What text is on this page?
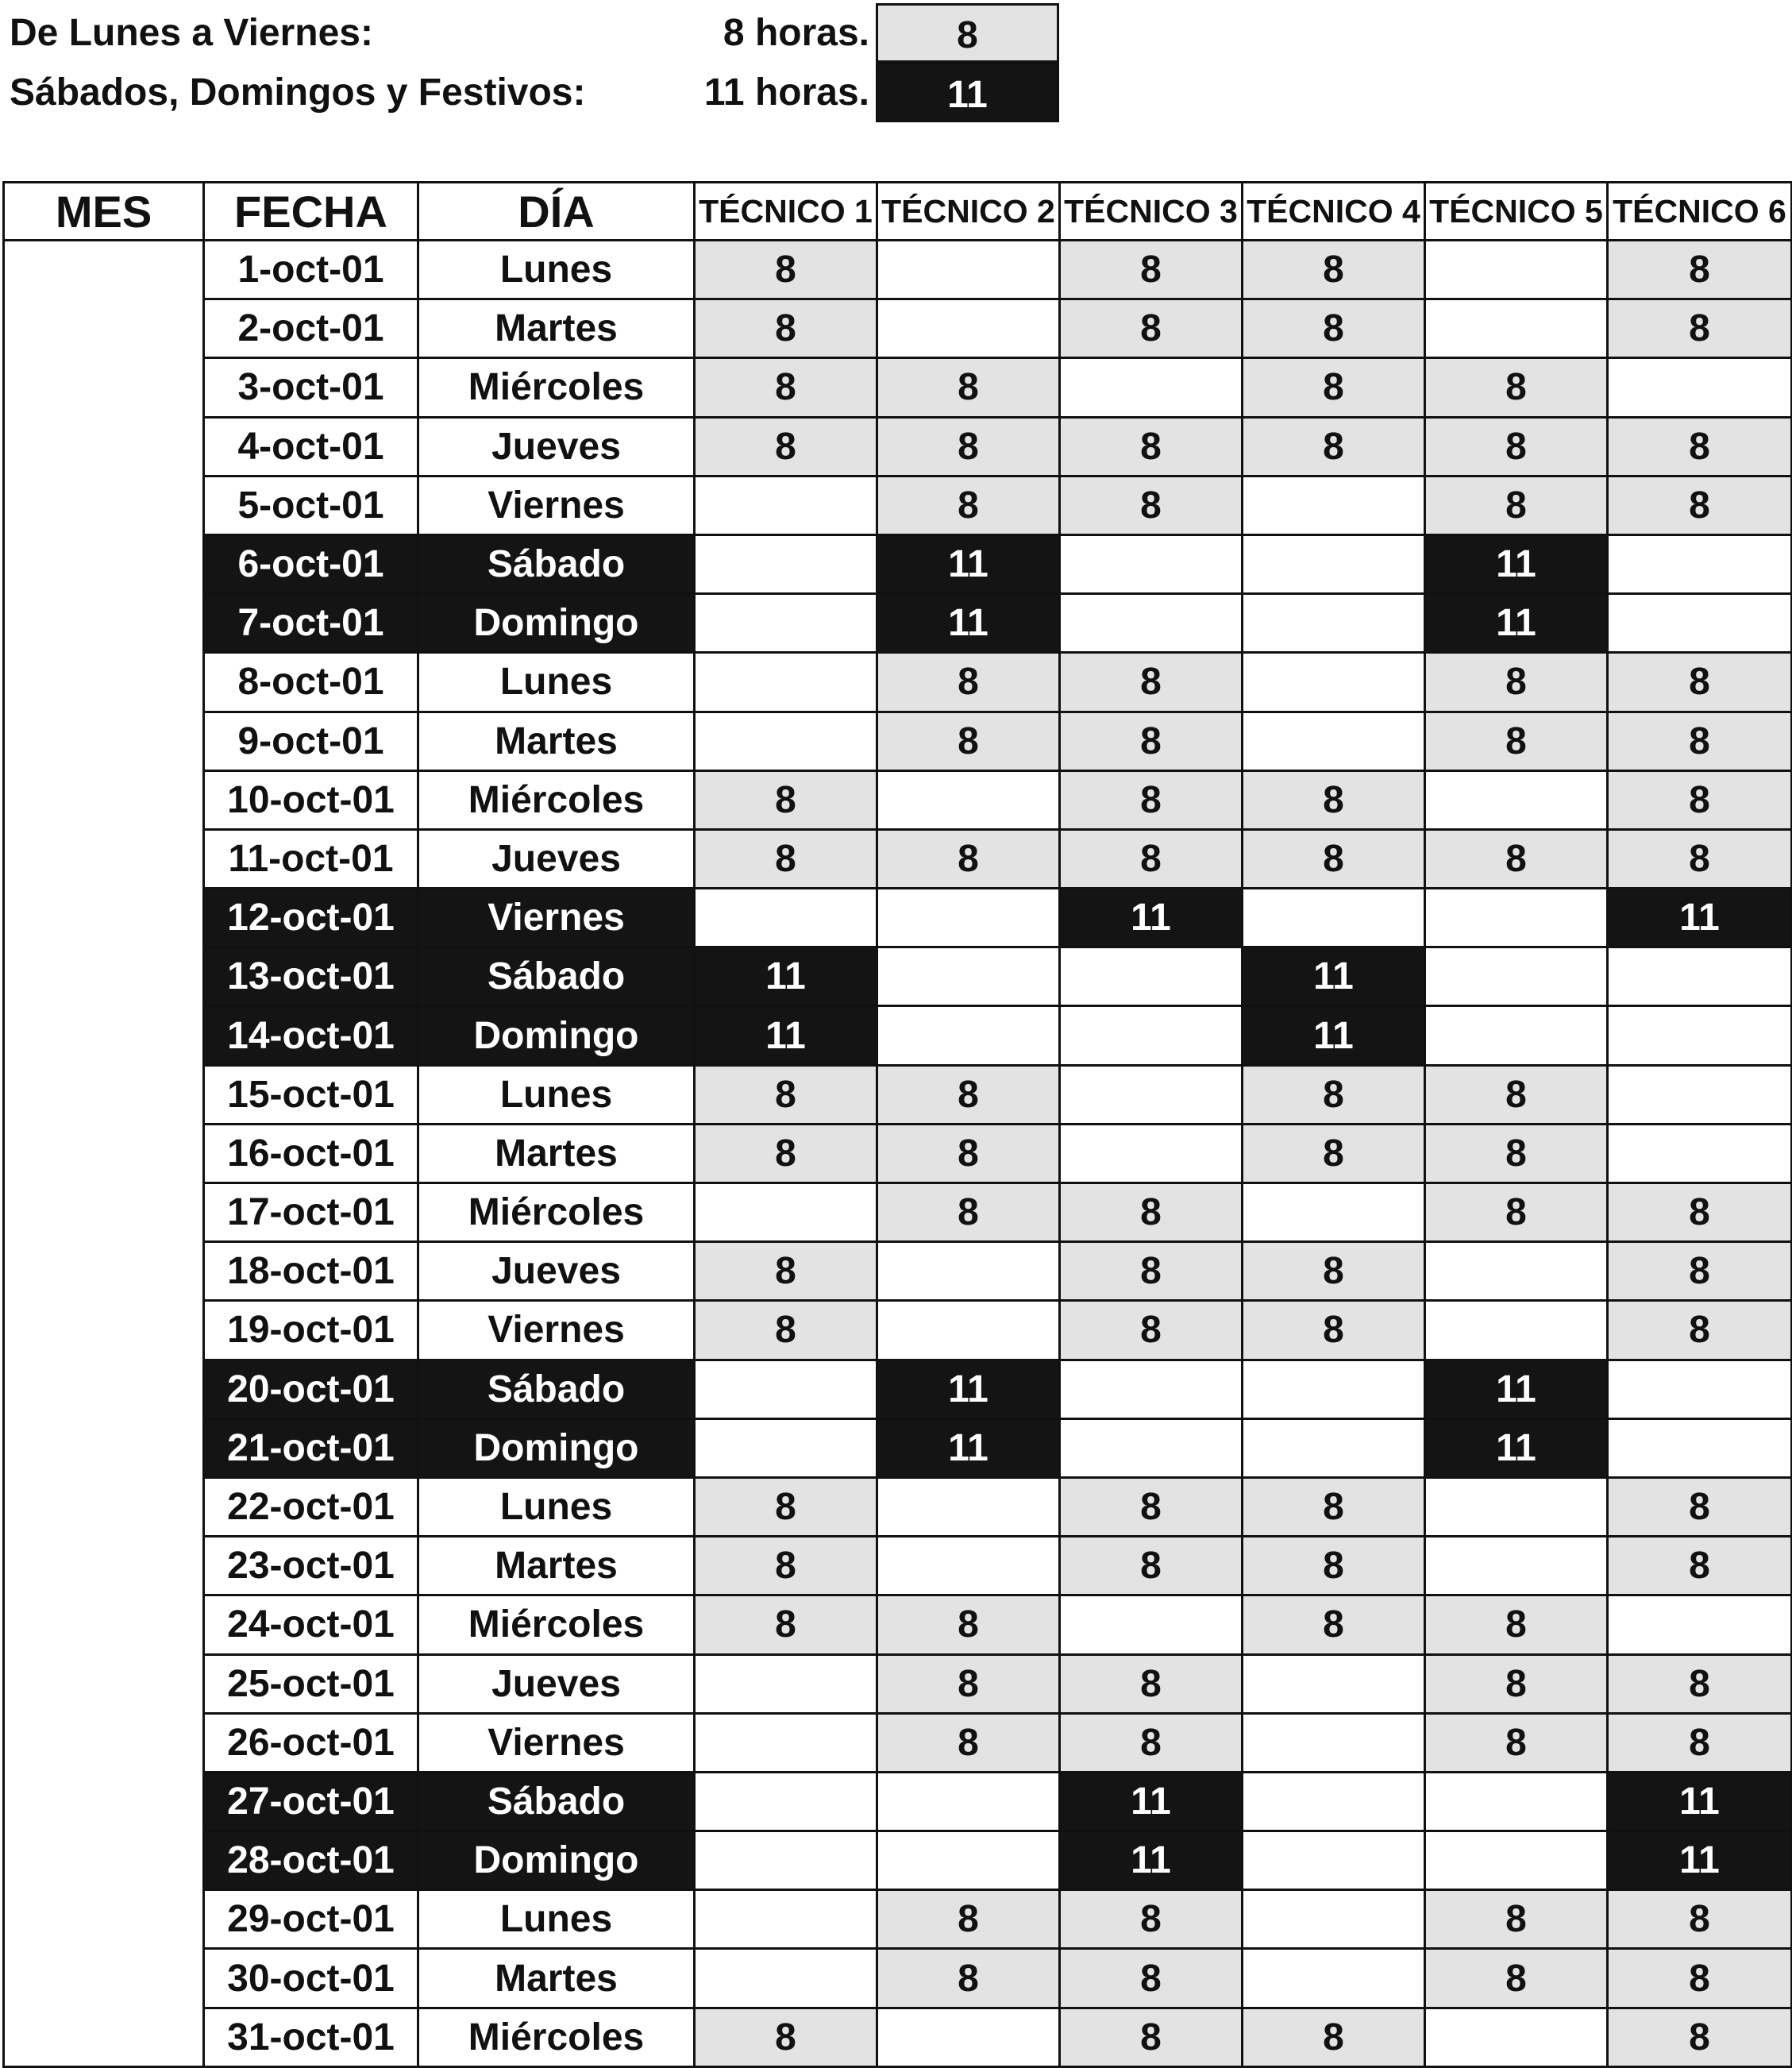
De Lunes a Viernes:	8 horas.	8
Sábados, Domingos y Festivos:	11 horas.	11
MES	FECHA	DÍA	TÉCNICO 1	TÉCNICO 2	TÉCNICO 3	TÉCNICO 4	TÉCNICO 5	TÉCNICO 6
	1-oct-01	Lunes	8		8	8		8
	2-oct-01	Martes	8		8	8		8
	3-oct-01	Miércoles	8	8		8	8	
	4-oct-01	Jueves	8	8	8	8	8	8
	5-oct-01	Viernes		8	8		8	8
	6-oct-01	Sábado		11			11	
	7-oct-01	Domingo		11			11	
	8-oct-01	Lunes		8	8		8	8
	9-oct-01	Martes		8	8		8	8
	10-oct-01	Miércoles	8		8	8		8
	11-oct-01	Jueves	8	8	8	8	8	8
	12-oct-01	Viernes			11			11
	13-oct-01	Sábado	11			11		
	14-oct-01	Domingo	11			11		
	15-oct-01	Lunes	8	8		8	8	
	16-oct-01	Martes	8	8		8	8	
	17-oct-01	Miércoles		8	8		8	8
	18-oct-01	Jueves	8		8	8		8
	19-oct-01	Viernes	8		8	8		8
	20-oct-01	Sábado		11			11	
	21-oct-01	Domingo		11			11	
	22-oct-01	Lunes	8		8	8		8
	23-oct-01	Martes	8		8	8		8
	24-oct-01	Miércoles	8	8		8	8	
	25-oct-01	Jueves		8	8		8	8
	26-oct-01	Viernes		8	8		8	8
	27-oct-01	Sábado			11			11
	28-oct-01	Domingo			11			11
	29-oct-01	Lunes		8	8		8	8
	30-oct-01	Martes		8	8		8	8
	31-oct-01	Miércoles	8		8	8		8
